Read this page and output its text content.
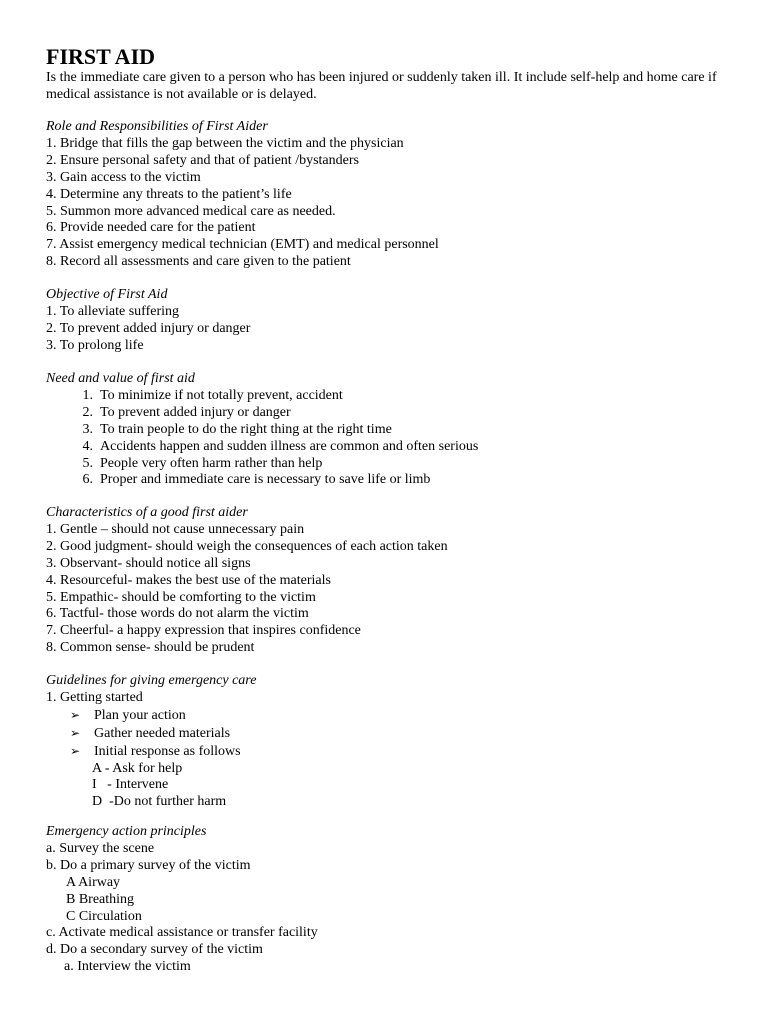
FIRST AID
Is the immediate care given to a person who has been injured or suddenly taken ill. It include self-help and home care if medical assistance is not available or is delayed.
Role and Responsibilities of First Aider
1. Bridge that fills the gap between the victim and the physician
2. Ensure personal safety and that of patient /bystanders
3. Gain access to the victim
4. Determine any threats to the patient’s life
5. Summon more advanced medical care as needed.
6. Provide needed care for the patient
7. Assist emergency medical technician (EMT) and medical personnel
8. Record all assessments and care given to the patient
Objective of First Aid
1. To alleviate suffering
2. To prevent added injury or danger
3. To prolong life
Need and value of first aid
1. To minimize if not totally prevent, accident
2. To prevent added injury or danger
3. To train people to do the right thing at the right time
4. Accidents happen and sudden illness are common and often serious
5. People very often harm rather than help
6. Proper and immediate care is necessary to save life or limb
Characteristics of a good first aider
1. Gentle – should not cause unnecessary pain
2. Good judgment- should weigh the consequences of each action taken
3. Observant- should notice all signs
4. Resourceful- makes the best use of the materials
5. Empathic- should be comforting to the victim
6. Tactful- those words do not alarm the victim
7. Cheerful- a happy expression that inspires confidence
8. Common sense- should be prudent
Guidelines for giving emergency care
1. Getting started
➢ Plan your action
➢ Gather needed materials
➢ Initial response as follows
A - Ask for help
I   - Intervene
D  -Do not further harm
Emergency action principles
a. Survey the scene
b. Do a primary survey of the victim
A Airway
B Breathing
C Circulation
c. Activate medical assistance or transfer facility
d. Do a secondary survey of the victim
a. Interview the victim
